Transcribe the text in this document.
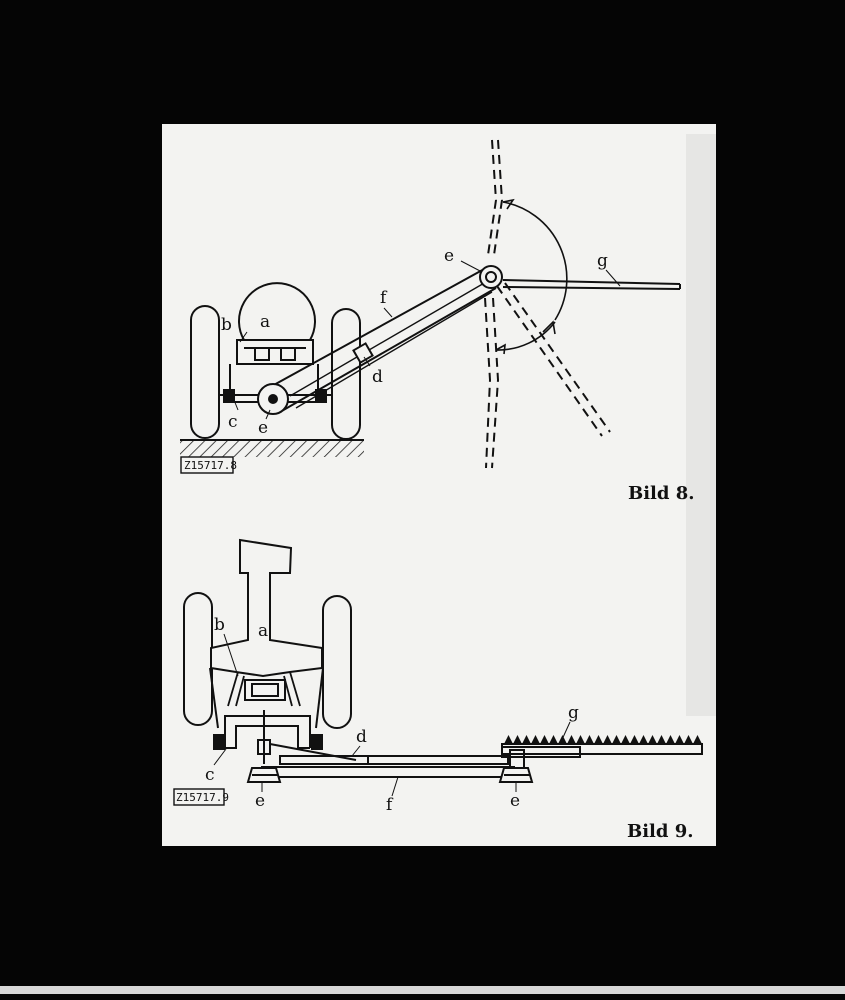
a
b
c e
e
f
d
g
Z15717.8
Bild 8.
a
b
c
e	e
d
f
g
Z15717.9
Bild 9.
